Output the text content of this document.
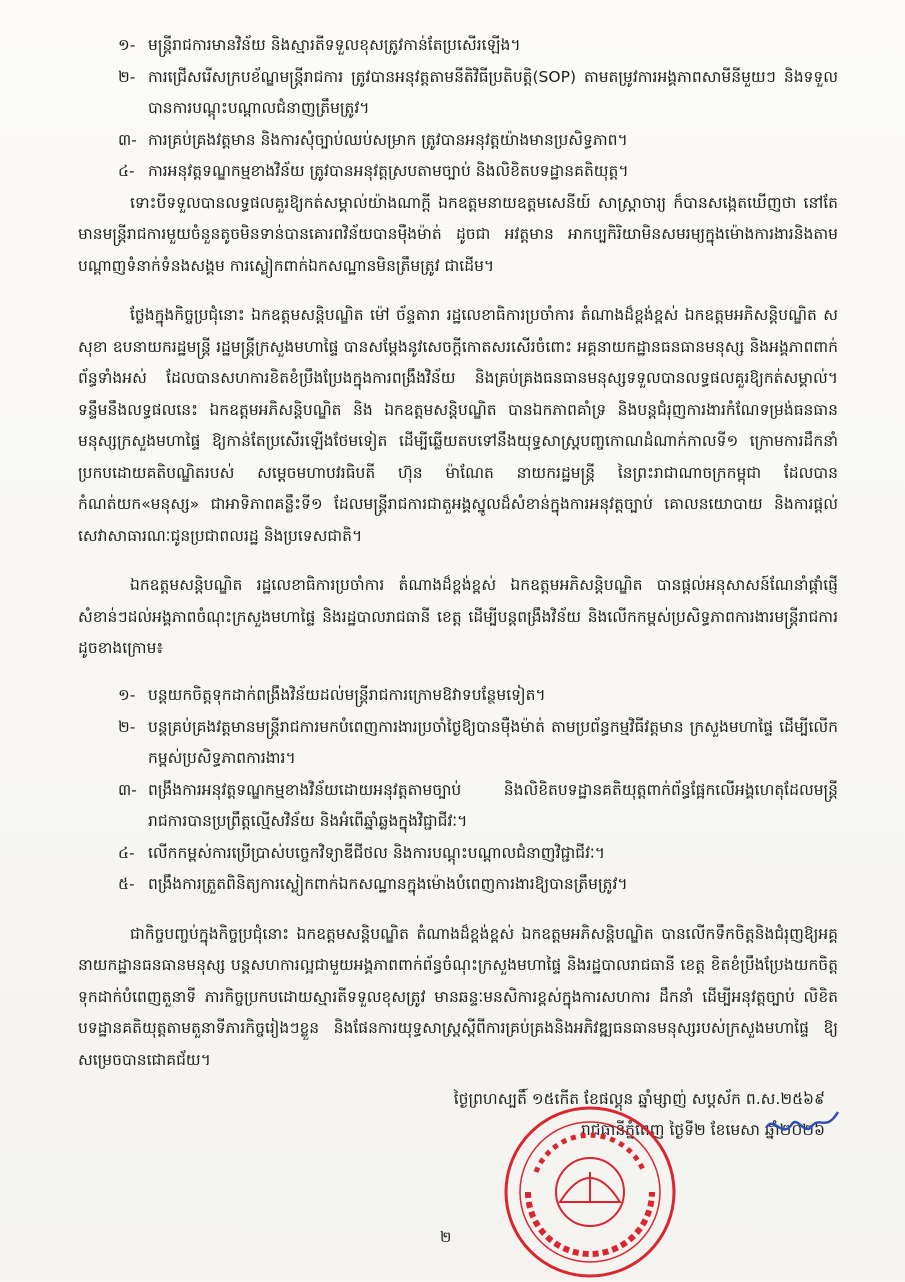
១- មន្ត្រីរាជការមានវិន័យ និងស្មារតីទទួលខុសត្រូវកាន់តែប្រសើរឡើង។
២- ការជ្រើសរើសក្របខ័ណ្ឌមន្ត្រីរាជការ ត្រូវបានអនុវត្តតាមនីតិវិធីប្រតិបត្តិ(SOP) តាមតម្រូវការអង្គភាពសាមីនីមួយៗ និងទទួលបានការបណ្តុះបណ្តាលជំនាញត្រឹមត្រូវ។
៣- ការគ្រប់គ្រងវត្តមាន និងការសុំច្បាប់ឈប់សម្រាក ត្រូវបានអនុវត្តយ៉ាងមានប្រសិទ្ធភាព។
៤- ការអនុវត្តទណ្ឌកម្មខាងវិន័យ ត្រូវបានអនុវត្តស្របតាមច្បាប់ និងលិខិតបទដ្ឋានគតិយុត្ត។

ទោះបីទទួលបានលទ្ធផលគួរឱ្យកត់សម្គាល់យ៉ាងណាក្តី ឯកឧត្តមនាយឧត្តមសេនីយ៍ សាស្ត្រាចារ្យ ក៏បានសង្កេតឃើញថា នៅតែមានមន្ត្រីរាជការមួយចំនួនតូចមិនទាន់បានគោរពវិន័យបានម៉ឺងម៉ាត់ ដូចជា អវត្តមាន អាកប្បកិរិយាមិនសមរម្យក្នុងម៉ោងការងារនិងតាមបណ្តាញទំនាក់ទំនងសង្គម ការស្លៀកពាក់ឯកសណ្ឋានមិនត្រឹមត្រូវ ជាដើម។

ថ្លែងក្នុងកិច្ចប្រជុំនោះ ឯកឧត្តមសន្តិបណ្ឌិត ម៉ៅ ច័ន្ទតារា រដ្ឋលេខាធិការប្រចាំការ តំណាងដ៏ខ្ពង់ខ្ពស់ ឯកឧត្តមអភិសន្តិបណ្ឌិត ស សុខា ឧបនាយករដ្ឋមន្ត្រី រដ្ឋមន្ត្រីក្រសួងមហាផ្ទៃ បានសម្តែងនូវសេចក្តីកោតសរសើរចំពោះ អគ្គនាយកដ្ឋានធនធានមនុស្ស និងអង្គភាពពាក់ព័ន្ធទាំងអស់ ដែលបានសហការខិតខំប្រឹងប្រែងក្នុងការពង្រឹងវិន័យ និងគ្រប់គ្រងធនធានមនុស្សទទួលបានលទ្ធផលគួរឱ្យកត់សម្គាល់។ ទន្ទឹមនឹងលទ្ធផលនេះ ឯកឧត្តមអភិសន្តិបណ្ឌិត និង ឯកឧត្តមសន្តិបណ្ឌិត បានឯកភាពគាំទ្រ និងបន្តជំរុញការងារកំណែទម្រង់ធនធានមនុស្សក្រសួងមហាផ្ទៃ ឱ្យកាន់តែប្រសើរឡើងថែមទៀត ដើម្បីឆ្លើយតបទៅនឹងយុទ្ធសាស្ត្របញ្ចកោណដំណាក់កាលទី១ ក្រោមការដឹកនាំប្រកបដោយគតិបណ្ឌិតរបស់ សម្តេចមហាបវរធិបតី ហ៊ុន ម៉ាណែត នាយករដ្ឋមន្ត្រី នៃព្រះរាជាណាចក្រកម្ពុជា ដែលបានកំណត់យក«មនុស្ស» ជាអាទិភាពគន្លឹះទី១ ដែលមន្ត្រីរាជការជាតួអង្គស្នូលដ៏សំខាន់ក្នុងការអនុវត្តច្បាប់ គោលនយោបាយ និងការផ្តល់សេវាសាធារណៈជូនប្រជាពលរដ្ឋ និងប្រទេសជាតិ។

ឯកឧត្តមសន្តិបណ្ឌិត រដ្ឋលេខាធិការប្រចាំការ តំណាងដ៏ខ្ពង់ខ្ពស់ ឯកឧត្តមអភិសន្តិបណ្ឌិត បានផ្តល់អនុសាសន៍ណែនាំផ្តាំផ្ញើសំខាន់ៗដល់អង្គភាពចំណុះក្រសួងមហាផ្ទៃ និងរដ្ឋបាលរាជធានី ខេត្ត ដើម្បីបន្តពង្រឹងវិន័យ និងលើកកម្ពស់ប្រសិទ្ធភាពការងារមន្ត្រីរាជការ ដូចខាងក្រោម៖

១- បន្តយកចិត្តទុកដាក់ពង្រឹងវិន័យដល់មន្ត្រីរាជការក្រោមឱវាទបន្ថែមទៀត។
២- បន្តគ្រប់គ្រងវត្តមានមន្ត្រីរាជការមកបំពេញការងារប្រចាំថ្ងៃឱ្យបានម៉ឺងម៉ាត់ តាមប្រព័ន្ធកម្មវិធីវត្តមាន ក្រសួងមហាផ្ទៃ ដើម្បីលើកកម្ពស់ប្រសិទ្ធភាពការងារ។
៣- ពង្រឹងការអនុវត្តទណ្ឌកម្មខាងវិន័យដោយអនុវត្តតាមច្បាប់ និងលិខិតបទដ្ឋានគតិយុត្តពាក់ព័ន្ធផ្អែកលើអង្គហេតុដែលមន្ត្រីរាជការបានប្រព្រឹត្តល្មើសវិន័យ និងអំពើឆ្នាំឆ្លងក្នុងវិជ្ជាជីវៈ។
៤- លើកកម្ពស់ការប្រើប្រាស់បច្ចេកវិទ្យាឌីជីថល និងការបណ្តុះបណ្តាលជំនាញវិជ្ជាជីវៈ។
៥- ពង្រឹងការត្រួតពិនិត្យការស្លៀកពាក់ឯកសណ្ឋានក្នុងម៉ោងបំពេញការងារឱ្យបានត្រឹមត្រូវ។

ជាកិច្ចបញ្ចប់ក្នុងកិច្ចប្រជុំនោះ ឯកឧត្តមសន្តិបណ្ឌិត តំណាងដ៏ខ្ពង់ខ្ពស់ ឯកឧត្តមអភិសន្តិបណ្ឌិត បានលើកទឹកចិត្តនិងជំរុញឱ្យអគ្គនាយកដ្ឋានធនធានមនុស្ស បន្តសហការល្អជាមួយអង្គភាពពាក់ព័ន្ធចំណុះក្រសួងមហាផ្ទៃ និងរដ្ឋបាលរាជធានី ខេត្ត ខិតខំប្រឹងប្រែងយកចិត្តទុកដាក់បំពេញតួនាទី ភារកិច្ចប្រកបដោយស្មារតីទទួលខុសត្រូវ មានឆន្ទៈមនសិការខ្ពស់ក្នុងការសហការ ដឹកនាំ ដើម្បីអនុវត្តច្បាប់ លិខិតបទដ្ឋានគតិយុត្តតាមតួនាទីភារកិច្ចរៀងៗខ្លួន និងផែនការយុទ្ធសាស្ត្រស្តីពីការគ្រប់គ្រងនិងអភិវឌ្ឍធនធានមនុស្សរបស់ក្រសួងមហាផ្ទៃ ឱ្យសម្រេចបានជោគជ័យ។

ថ្ងៃព្រហស្បតិ៍ ១៥កើត ខែផល្គុន ឆ្នាំម្សាញ់ សប្តស័ក ព.ស.២៥៦៩
រាជធានីភ្នំពេញ ថ្ងៃទី២ ខែមេសា ឆ្នាំ២០២៦
២
